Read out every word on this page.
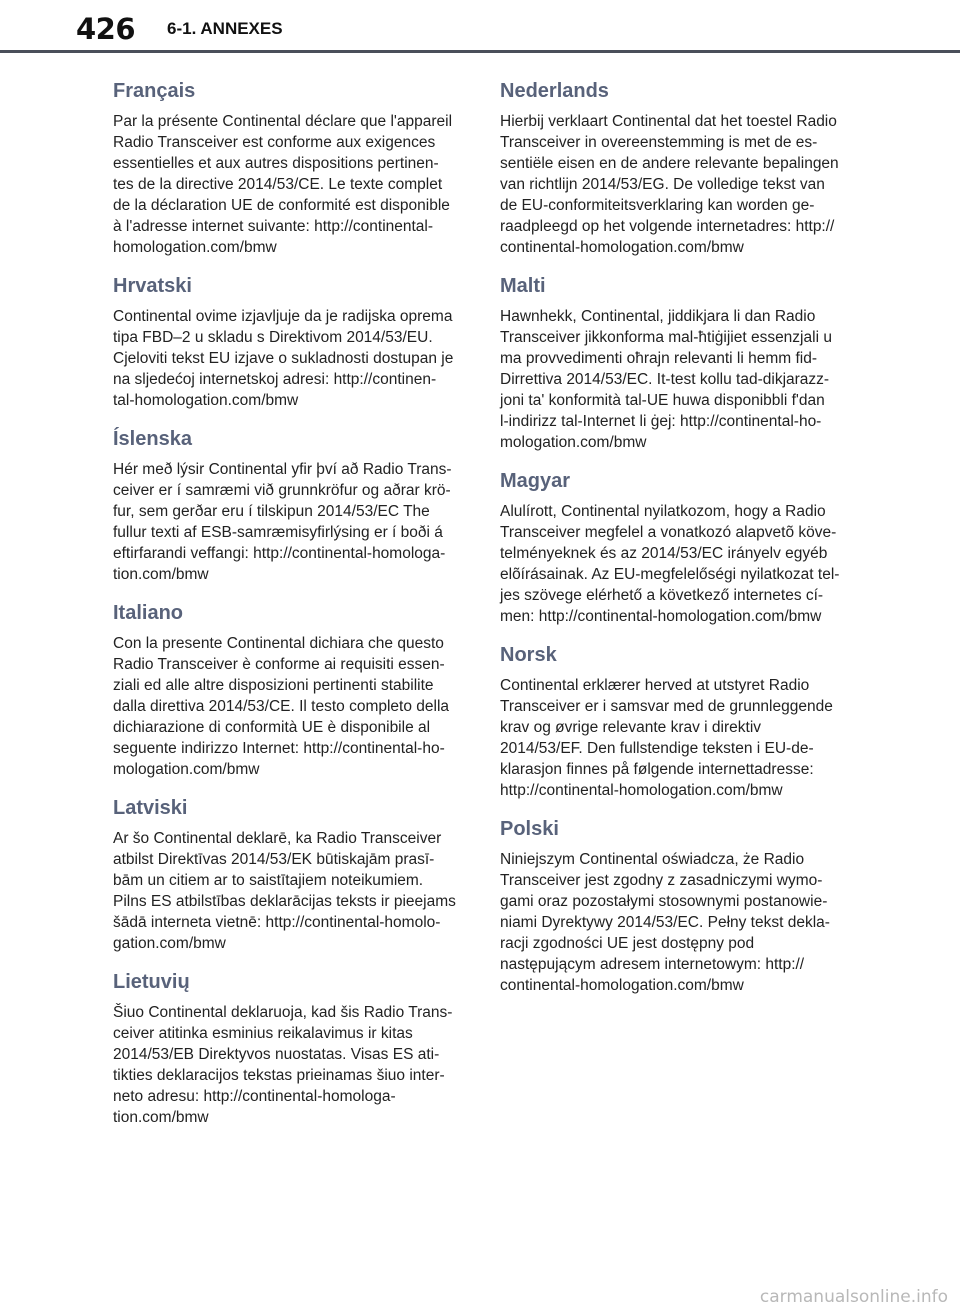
426 6-1. ANNEXES
Français

Par la présente Continental déclare que l'appareil
Radio Transceiver est conforme aux exigences
essentielles et aux autres dispositions pertinen-
tes de la directive 2014/53/CE. Le texte complet
de la déclaration UE de conformité est disponible
à l'adresse internet suivante: http://continental-
homologation.com/bmw

Hrvatski

Continental ovime izjavljuje da je radijska oprema
tipa FBD–2 u skladu s Direktivom 2014/53/EU.
Cjeloviti tekst EU izjave o sukladnosti dostupan je
na sljedećoj internetskoj adresi: http://continen-
tal-homologation.com/bmw

Íslenska

Hér með lýsir Continental yfir því að Radio Trans-
ceiver er í samræmi við grunnkröfur og aðrar krö-
fur, sem gerðar eru í tilskipun 2014/53/EC The
fullur texti af ESB-samræmisyfirlýsing er í boði á
eftirfarandi veffangi: http://continental-homologa-
tion.com/bmw

Italiano

Con la presente Continental dichiara che questo
Radio Transceiver è conforme ai requisiti essen-
ziali ed alle altre disposizioni pertinenti stabilite
dalla direttiva 2014/53/CE. Il testo completo della
dichiarazione di conformità UE è disponibile al
seguente indirizzo Internet: http://continental-ho-
mologation.com/bmw

Latviski

Ar šo Continental deklarē, ka Radio Transceiver
atbilst Direktīvas 2014/53/EK būtiskajām prasī-
bām un citiem ar to saistītajiem noteikumiem.
Pilns ES atbilstības deklarācijas teksts ir pieejams
šādā interneta vietnē: http://continental-homolo-
gation.com/bmw

Lietuvių

Šiuo Continental deklaruoja, kad šis Radio Trans-
ceiver atitinka esminius reikalavimus ir kitas
2014/53/EB Direktyvos nuostatas. Visas ES ati-
tikties deklaracijos tekstas prieinamas šiuo inter-
neto adresu: http://continental-homologa-
tion.com/bmw

Nederlands

Hierbij verklaart Continental dat het toestel Radio
Transceiver in overeenstemming is met de es-
sentiële eisen en de andere relevante bepalingen
van richtlijn 2014/53/EG. De volledige tekst van
de EU-conformiteitsverklaring kan worden ge-
raadpleegd op het volgende internetadres: http://
continental-homologation.com/bmw

Malti

Hawnhekk, Continental, jiddikjara li dan Radio
Transceiver jikkonforma mal-ħtiġijiet essenzjali u
ma provvedimenti oħrajn relevanti li hemm fid-
Dirrettiva 2014/53/EC. It-test kollu tad-dikjarazz-
joni ta' konformità tal-UE huwa disponibbli f'dan
l-indirizz tal-Internet li ġej: http://continental-ho-
mologation.com/bmw

Magyar

Alulírott, Continental nyilatkozom, hogy a Radio
Transceiver megfelel a vonatkozó alapvetõ köve-
telményeknek és az 2014/53/EC irányelv egyéb
elõírásainak. Az EU-megfelelőségi nyilatkozat tel-
jes szövege elérhető a következő internetes cí-
men: http://continental-homologation.com/bmw

Norsk

Continental erklærer herved at utstyret Radio
Transceiver er i samsvar med de grunnleggende
krav og øvrige relevante krav i direktiv
2014/53/EF. Den fullstendige teksten i EU-de-
klarasjon finnes på følgende internettadresse:
http://continental-homologation.com/bmw

Polski

Niniejszym Continental oświadcza, że Radio
Transceiver jest zgodny z zasadniczymi wymo-
gami oraz pozostałymi stosownymi postanowie-
niami Dyrektywy 2014/53/EC. Pełny tekst dekla-
racji zgodności UE jest dostępny pod
następującym adresem internetowym: http://
continental-homologation.com/bmw

carmanualsonline.info
